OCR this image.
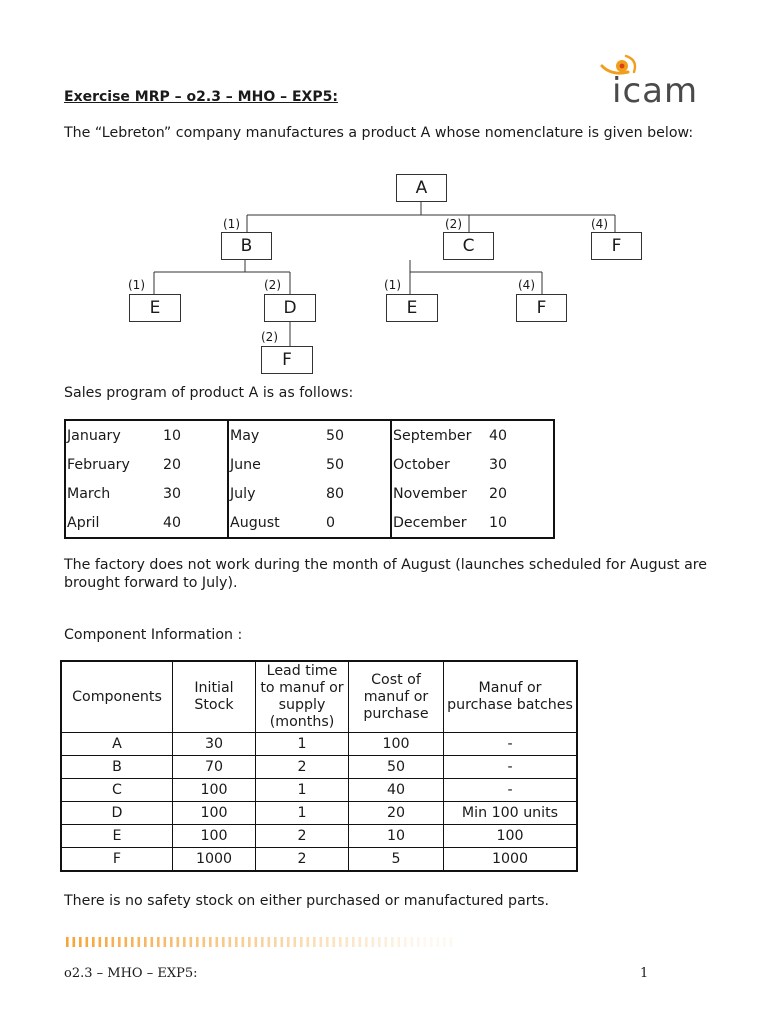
icam
Exercise MRP – o2.3 – MHO – EXP5:
The “Lebreton” company manufactures a product A whose nomenclature is given below:
A
(1)
B
(2)
C
(4)
F
(1)
E
(2)
D
(1)
E
(4)
F
(2)
F
Sales program of product A is as follows:
January	10	May	50	September	40
February	20	June	50	October	30
March	30	July	80	November	20
April	40	August	0	December	10
The factory does not work during the month of August (launches scheduled for August are brought forward to July).
Component Information :
Components	Initial Stock	Lead time to manuf or supply (months)	Cost of manuf or purchase	Manuf or purchase batches
A	30	1	100	-
B	70	2	50	-
C	100	1	40	-
D	100	1	20	Min 100 units
E	100	2	10	100
F	1000	2	5	1000
There is no safety stock on either purchased or manufactured parts.
o2.3 – MHO – EXP5:	1
